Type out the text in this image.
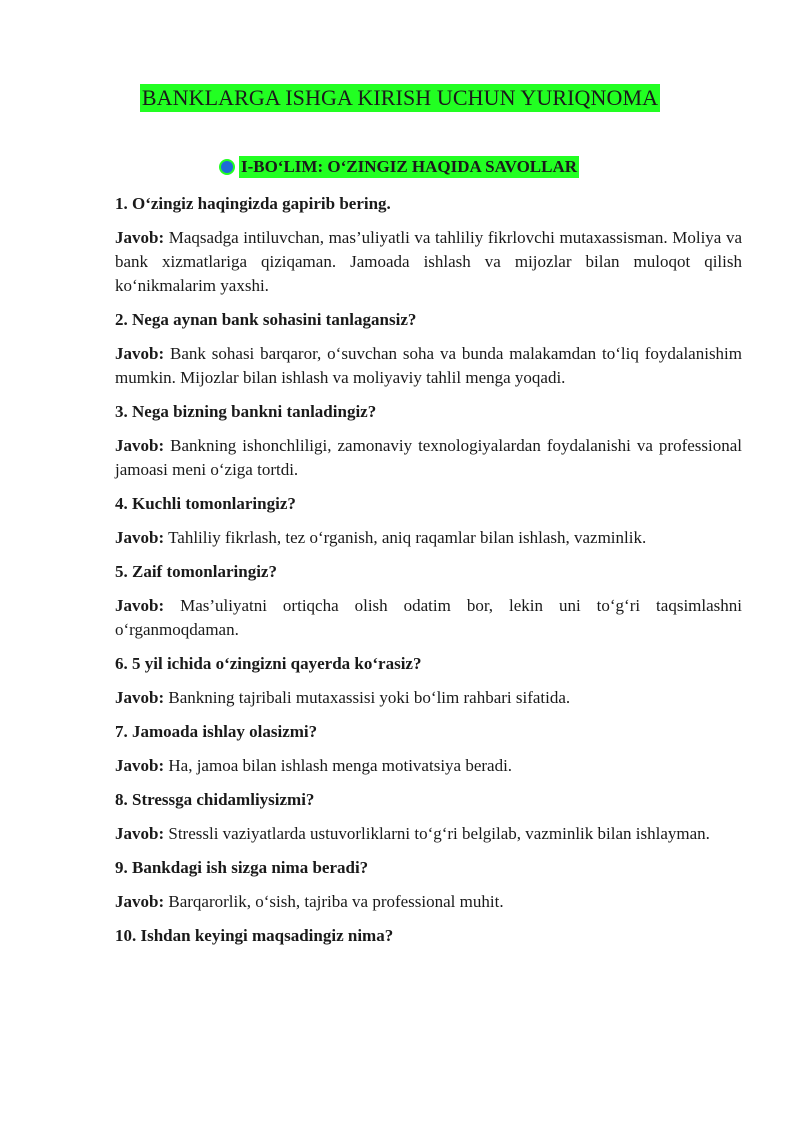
BANKLARGA ISHGA KIRISH UCHUN YURIQNOMA
I-BO‘LIM: O‘ZINGIZ HAQIDA SAVOLLAR
1. O‘zingiz haqingizda gapirib bering.
Javob: Maqsadga intiluvchan, mas’uliyatli va tahliliy fikrlovchi mutaxassisman. Moliya va bank xizmatlariga qiziqaman. Jamoada ishlash va mijozlar bilan muloqot qilish ko‘nikmalarim yaxshi.
2. Nega aynan bank sohasini tanlagansiz?
Javob: Bank sohasi barqaror, o‘suvchan soha va bunda malakamdan to‘liq foydalanishim mumkin. Mijozlar bilan ishlash va moliyaviy tahlil menga yoqadi.
3. Nega bizning bankni tanladingiz?
Javob: Bankning ishonchliligi, zamonaviy texnologiyalardan foydalanishi va professional jamoasi meni o‘ziga tortdi.
4. Kuchli tomonlaringiz?
Javob: Tahliliy fikrlash, tez o‘rganish, aniq raqamlar bilan ishlash, vazminlik.
5. Zaif tomonlaringiz?
Javob: Mas’uliyatni ortiqcha olish odatim bor, lekin uni to‘g‘ri taqsimlashni o‘rganmoqdaman.
6. 5 yil ichida o‘zingizni qayerda ko‘rasiz?
Javob: Bankning tajribali mutaxassisi yoki bo‘lim rahbari sifatida.
7. Jamoada ishlay olasizmi?
Javob: Ha, jamoa bilan ishlash menga motivatsiya beradi.
8. Stressga chidamliysizmi?
Javob: Stressli vaziyatlarda ustuvorliklarni to‘g‘ri belgilab, vazminlik bilan ishlayman.
9. Bankdagi ish sizga nima beradi?
Javob: Barqarorlik, o‘sish, tajriba va professional muhit.
10. Ishdan keyingi maqsadingiz nima?
